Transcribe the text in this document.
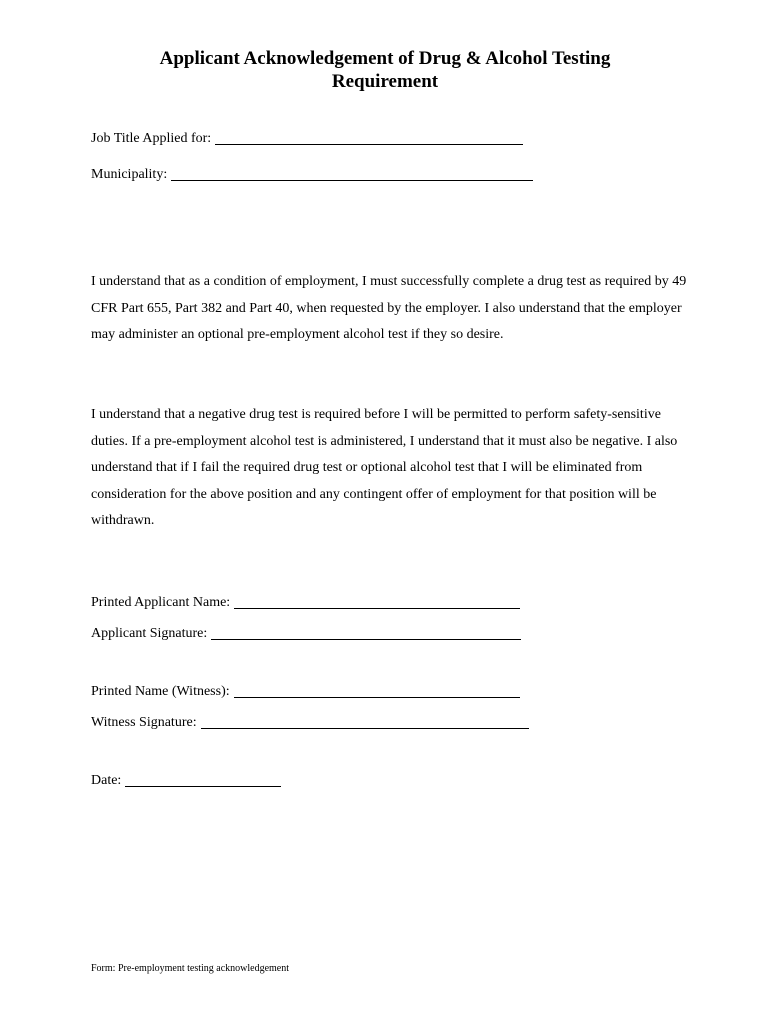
Applicant Acknowledgement of Drug & Alcohol Testing
Requirement
Job Title Applied for:
Municipality:
I understand that as a condition of employment, I must successfully complete a drug test as required by 49 CFR Part 655, Part 382 and Part 40, when requested by the employer. I also understand that the employer may administer an optional pre-employment alcohol test if they so desire.
I understand that a negative drug test is required before I will be permitted to perform safety-sensitive duties. If a pre-employment alcohol test is administered, I understand that it must also be negative. I also understand that if I fail the required drug test or optional alcohol test that I will be eliminated from consideration for the above position and any contingent offer of employment for that position will be withdrawn.
Printed Applicant Name:
Applicant Signature:
Printed Name (Witness):
Witness Signature:
Date:
Form: Pre-employment testing acknowledgement
